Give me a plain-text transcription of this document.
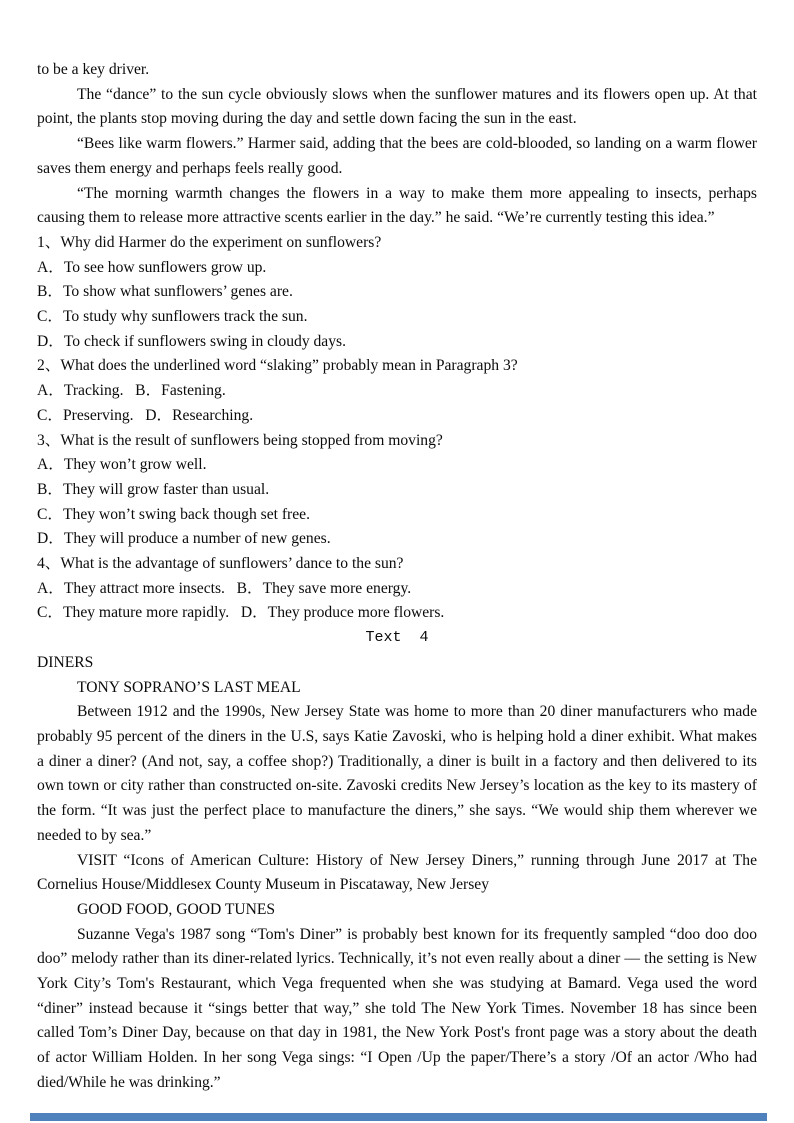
to be a key driver.
The “dance” to the sun cycle obviously slows when the sunflower matures and its flowers open up. At that point, the plants stop moving during the day and settle down facing the sun in the east.
“Bees like warm flowers.” Harmer said, adding that the bees are cold-blooded, so landing on a warm flower saves them energy and perhaps feels really good.
“The morning warmth changes the flowers in a way to make them more appealing to insects, perhaps causing them to release more attractive scents earlier in the day.” he said. “We’re currently testing this idea.”
1、Why did Harmer do the experiment on sunflowers?
A．To see how sunflowers grow up.
B．To show what sunflowers’ genes are.
C．To study why sunflowers track the sun.
D．To check if sunflowers swing in cloudy days.
2、What does the underlined word “slaking” probably mean in Paragraph 3?
A．Tracking.   B．Fastening.
C．Preserving.   D．Researching.
3、What is the result of sunflowers being stopped from moving?
A．They won’t grow well.
B．They will grow faster than usual.
C．They won’t swing back though set free.
D．They will produce a number of new genes.
4、What is the advantage of sunflowers’ dance to the sun?
A．They attract more insects.   B．They save more energy.
C．They mature more rapidly.   D．They produce more flowers.
Text  4
DINERS
TONY SOPRANO’S LAST MEAL
Between 1912 and the 1990s, New Jersey State was home to more than 20 diner manufacturers who made probably 95 percent of the diners in the U.S, says Katie Zavoski, who is helping hold a diner exhibit. What makes a diner a diner? (And not, say, a coffee shop?) Traditionally, a diner is built in a factory and then delivered to its own town or city rather than constructed on-site. Zavoski credits New Jersey’s location as the key to its mastery of the form. “It was just the perfect place to manufacture the diners,” she says. “We would ship them wherever we needed to by sea.”
VISIT “Icons of American Culture: History of New Jersey Diners,” running through June 2017 at The Cornelius House/Middlesex County Museum in Piscataway, New Jersey
GOOD FOOD, GOOD TUNES
Suzanne Vega's 1987 song “Tom's Diner” is probably best known for its frequently sampled “doo doo doo doo” melody rather than its diner-related lyrics. Technically, it’s not even really about a diner — the setting is New York City’s Tom's Restaurant, which Vega frequented when she was studying at Bamard. Vega used the word “diner” instead because it “sings better that way,” she told The New York Times. November 18 has since been called Tom’s Diner Day, because on that day in 1981, the New York Post's front page was a story about the death of actor William Holden. In her song Vega sings: “I Open /Up the paper/There’s a story /Of an actor /Who had died/While he was drinking.”
